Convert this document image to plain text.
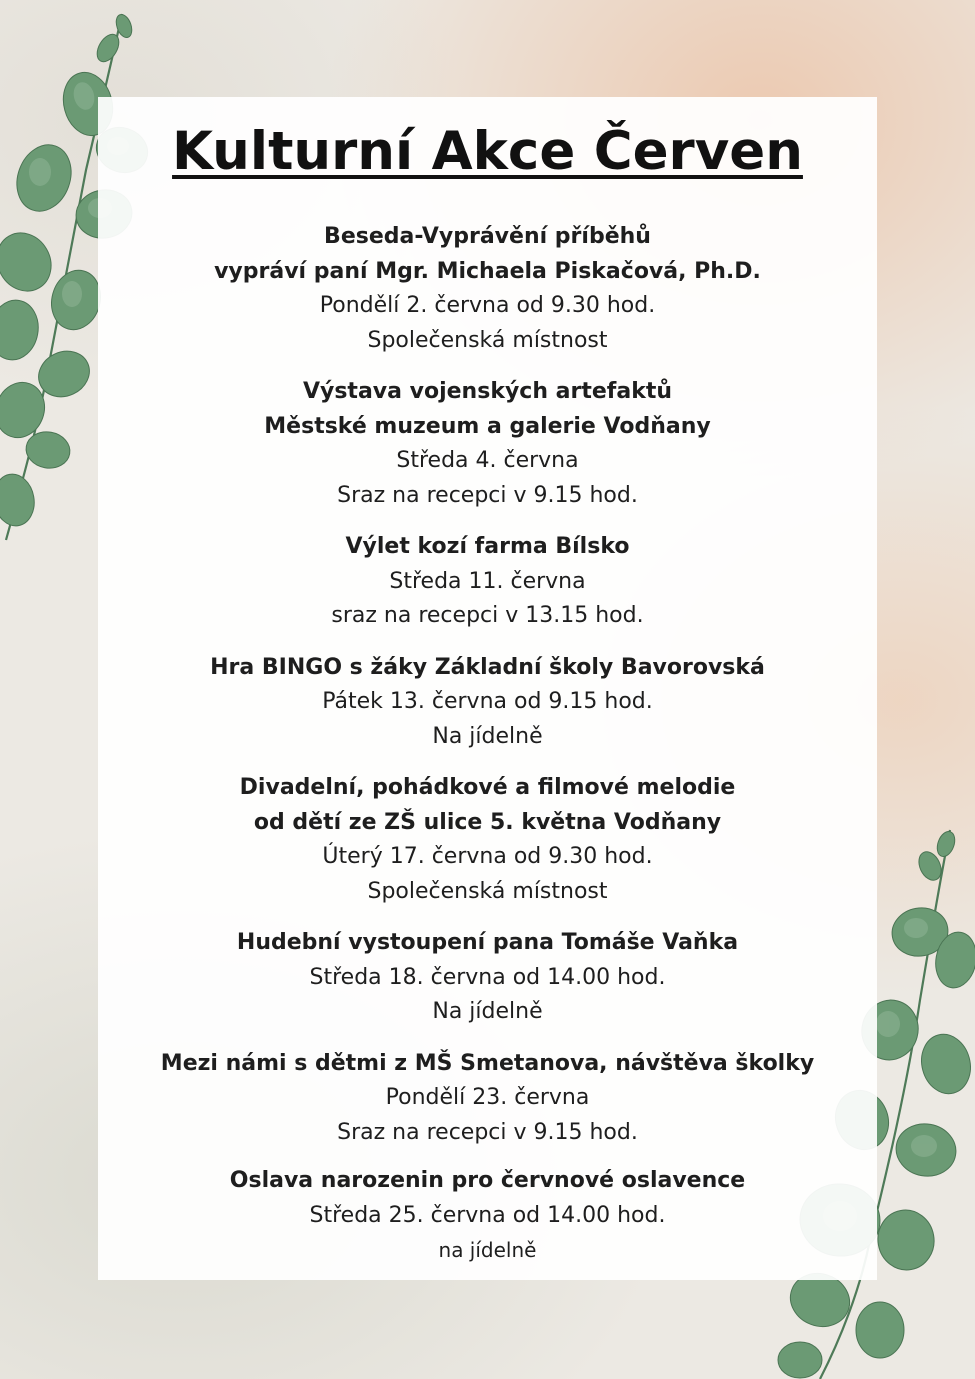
Kulturní Akce Červen
Beseda-Vyprávění příběhů
vypráví paní Mgr. Michaela Piskačová, Ph.D.
Pondělí 2. června od 9.30 hod.
Společenská místnost
Výstava vojenských artefaktů
Městské muzeum a galerie Vodňany
Středa 4. června
Sraz na recepci v 9.15 hod.
Výlet kozí farma Bílsko
Středa 11. června
sraz na recepci v 13.15 hod.
Hra BINGO s žáky Základní školy Bavorovská
Pátek 13. června od 9.15 hod.
Na jídelně
Divadelní, pohádkové a filmové melodie
od dětí ze ZŠ ulice 5. května Vodňany
Úterý 17. června od 9.30 hod.
Společenská místnost
Hudební vystoupení pana Tomáše Vaňka
Středa 18. června od 14.00 hod.
Na jídelně
Mezi námi s dětmi z MŠ Smetanova, návštěva školky
Pondělí 23. června
Sraz na recepci v 9.15 hod.
Oslava narozenin pro červnové oslavence
Středa 25. června od 14.00 hod.
na jídelně
